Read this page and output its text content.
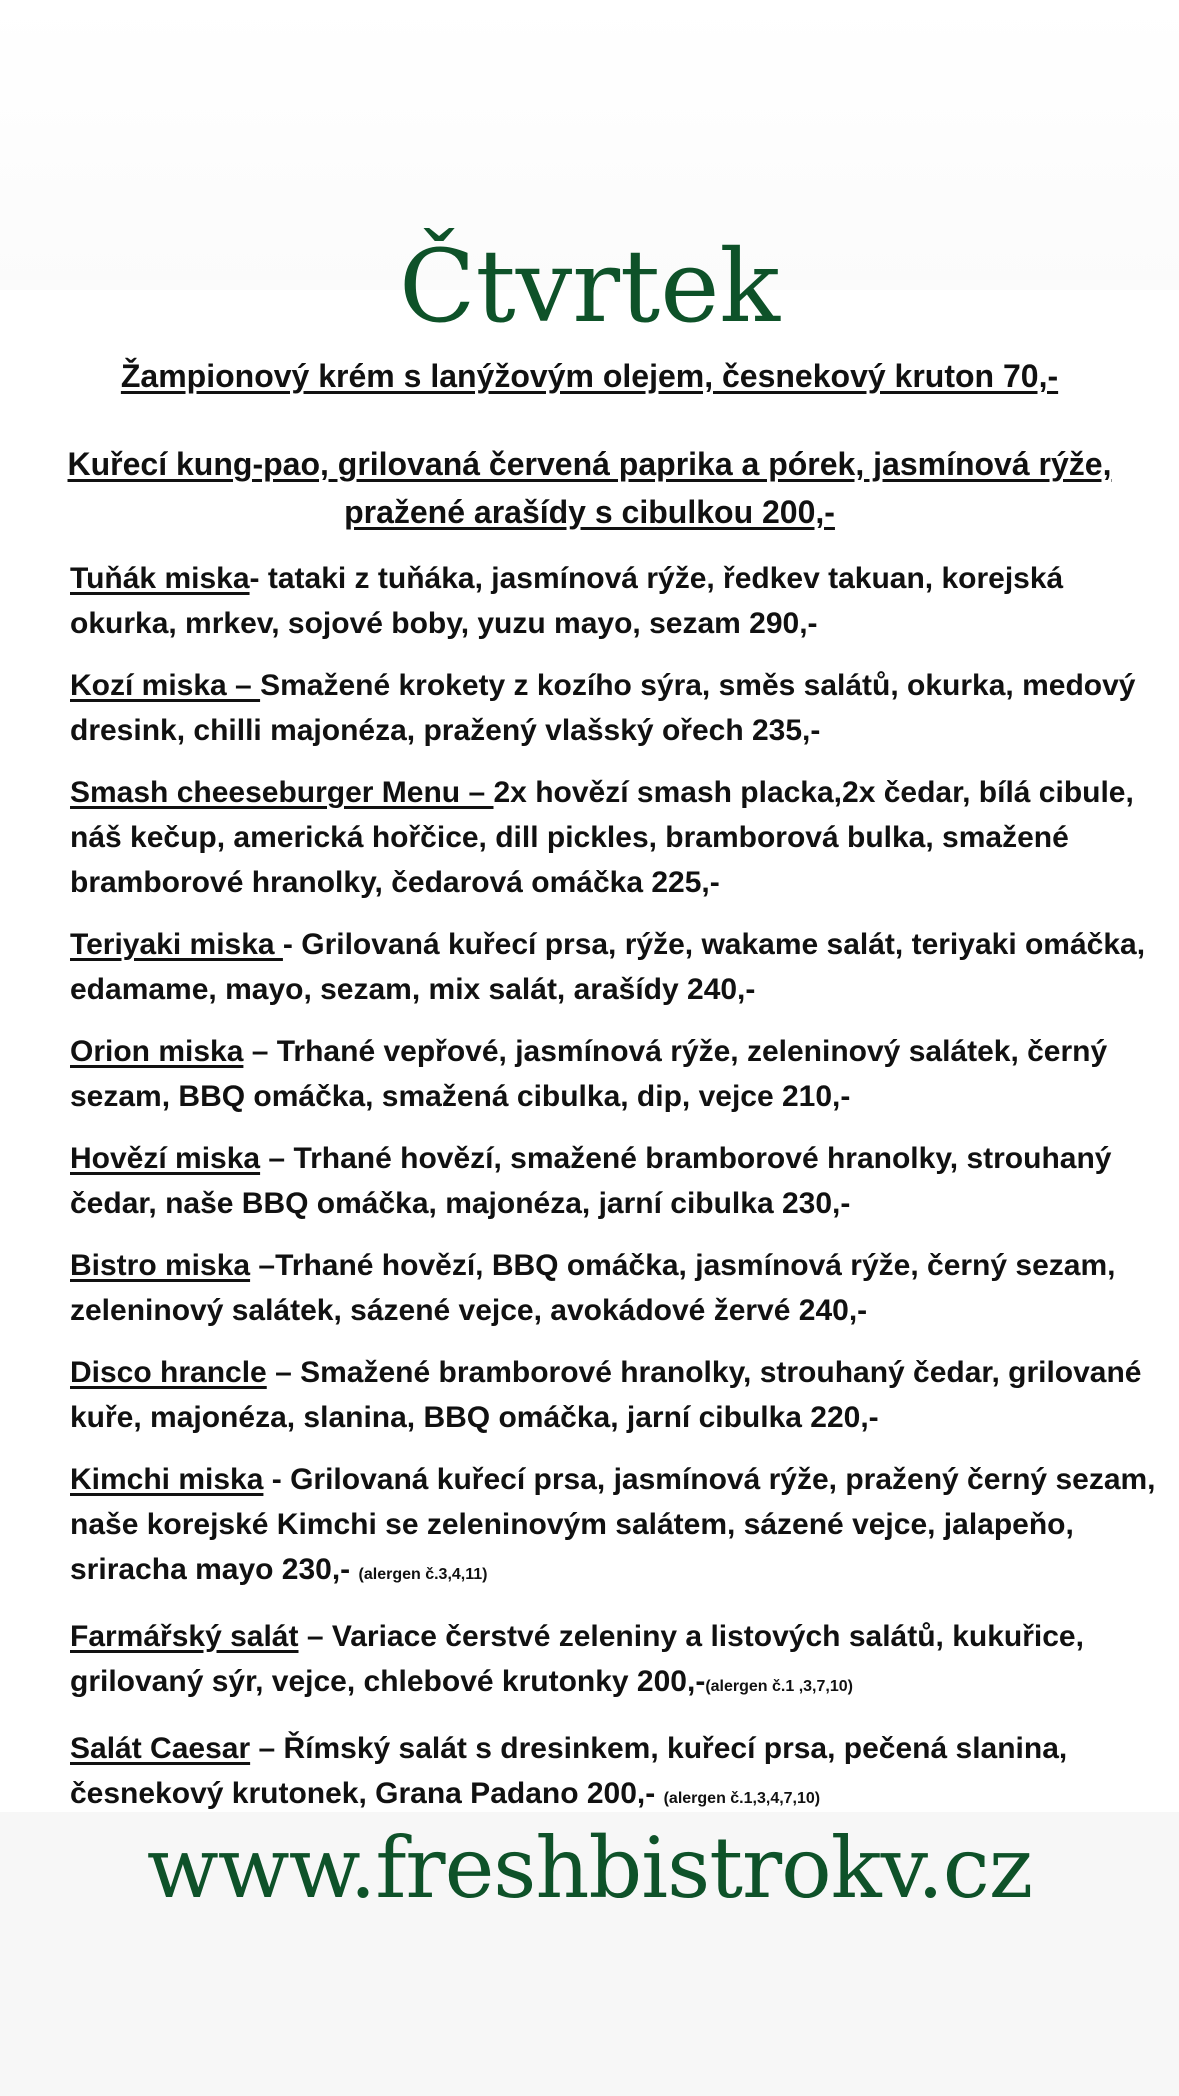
Čtvrtek

Žampionový krém s lanýžovým olejem, česnekový kruton 70,-

Kuřecí kung-pao, grilovaná červená paprika a pórek, jasmínová rýže, pražené arašídy s cibulkou 200,-

Tuňák miska- tataki z tuňáka, jasmínová rýže, ředkev takuan, korejská okurka, mrkev, sojové boby, yuzu mayo, sezam 290,-

Kozí miska – Smažené krokety z kozího sýra, směs salátů, okurka, medový dresink, chilli majonéza, pražený vlašský ořech 235,-

Smash cheeseburger Menu – 2x hovězí smash placka,2x čedar, bílá cibule, náš kečup, americká hořčice, dill pickles, bramborová bulka, smažené bramborové hranolky, čedarová omáčka 225,-

Teriyaki miska - Grilovaná kuřecí prsa, rýže, wakame salát, teriyaki omáčka, edamame, mayo, sezam, mix salát, arašídy 240,-

Orion miska – Trhané vepřové, jasmínová rýže, zeleninový salátek, černý sezam, BBQ omáčka, smažená cibulka, dip, vejce 210,-

Hovězí miska – Trhané hovězí, smažené bramborové hranolky, strouhaný čedar, naše BBQ omáčka, majonéza, jarní cibulka 230,-

Bistro miska –Trhané hovězí, BBQ omáčka, jasmínová rýže, černý sezam, zeleninový salátek, sázené vejce, avokádové žervé 240,-

Disco hrancle – Smažené bramborové hranolky, strouhaný čedar, grilované kuře, majonéza, slanina, BBQ omáčka, jarní cibulka 220,-

Kimchi miska - Grilovaná kuřecí prsa, jasmínová rýže, pražený černý sezam, naše korejské Kimchi se zeleninovým salátem, sázené vejce, jalapeňo, sriracha mayo 230,- (alergen č.3,4,11)

Farmářský salát – Variace čerstvé zeleniny a listových salátů, kukuřice, grilovaný sýr, vejce, chlebové krutonky 200,-(alergen č.1 ,3,7,10)

Salát Caesar – Římský salát s dresinkem, kuřecí prsa, pečená slanina, česnekový krutonek, Grana Padano 200,- (alergen č.1,3,4,7,10)

www.freshbistrokv.cz
